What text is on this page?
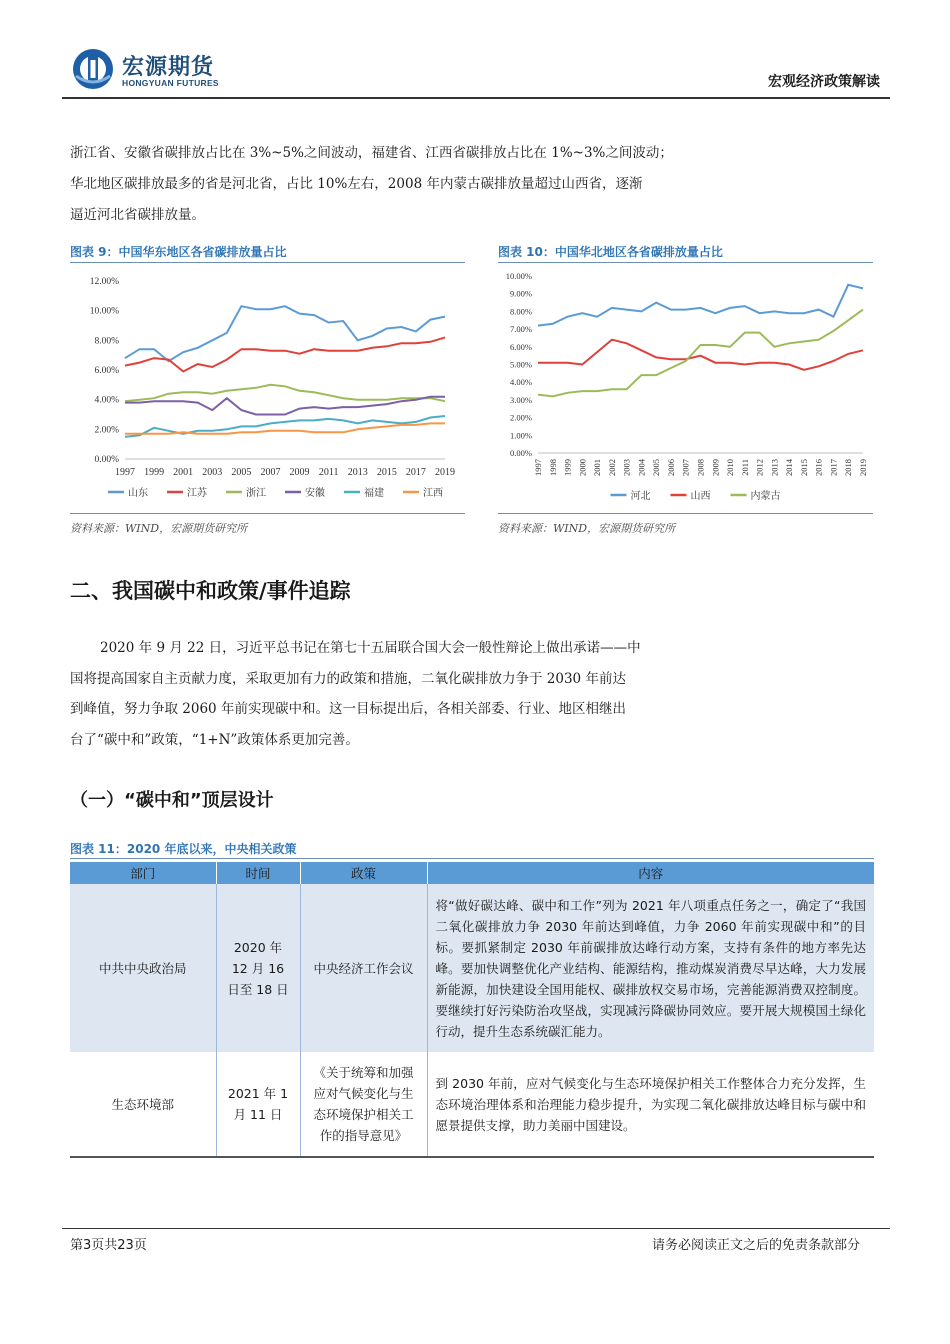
宏源期货
HONGYUAN FUTURES	宏观经济政策解读
浙江省、安徽省碳排放占比在 3%~5%之间波动，福建省、江西省碳排放占比在 1%~3%之间波动；
华北地区碳排放最多的省是河北省，占比 10%左右，2008 年内蒙古碳排放量超过山西省，逐渐
逼近河北省碳排放量。
图表 9：中国华东地区各省碳排放量占比
0.00%
2.00%
4.00%
6.00%
8.00%
10.00%
12.00%
1997 1999 2001 2003 2005 2007 2009 2011 2013 2015 2017 2019
山东	江苏	浙江	安徽	福建	江西
资料来源：WIND，宏源期货研究所
图表 10：中国华北地区各省碳排放量占比
0.00%
1.00%
2.00%
3.00%
4.00%
5.00%
6.00%
7.00%
8.00%
9.00%
10.00%
1997 1998 1999 2000 2001 2002 2003 2004 2005 2006 2007 2008 2009 2010 2011 2012 2013 2014 2015 2016 2017 2018 2019
河北	山西	内蒙古
资料来源：WIND，宏源期货研究所
二、我国碳中和政策/事件追踪

2020 年 9 月 22 日，习近平总书记在第七十五届联合国大会一般性辩论上做出承诺——中

国将提高国家自主贡献力度，采取更加有力的政策和措施，二氧化碳排放力争于 2030 年前达
到峰值，努力争取 2060 年前实现碳中和。这一目标提出后，各相关部委、行业、地区相继出
台了“碳中和”政策，“1+N”政策体系更加完善。
（一）“碳中和”顶层设计
图表 11：2020 年底以来，中央相关政策
部门	时间	政策	内容
中共中央政治局	2020 年 12 月 16 日至 18 日	中央经济工作会议	将“做好碳达峰、碳中和工作”列为 2021 年八项重点任务之一，确定了“我国二氧化碳排放力争 2030 年前达到峰值，力争 2060 年前实现碳中和”的目标。要抓紧制定 2030 年前碳排放达峰行动方案，支持有条件的地方率先达峰。要加快调整优化产业结构、能源结构，推动煤炭消费尽早达峰，大力发展新能源，加快建设全国用能权、碳排放权交易市场，完善能源消费双控制度。要继续打好污染防治攻坚战，实现减污降碳协同效应。要开展大规模国土绿化行动，提升生态系统碳汇能力。
生态环境部	2021 年 1 月 11 日	《关于统筹和加强应对气候变化与生态环境保护相关工作的指导意见》	到 2030 年前，应对气候变化与生态环境保护相关工作整体合力充分发挥，生态环境治理体系和治理能力稳步提升，为实现二氧化碳排放达峰目标与碳中和愿景提供支撑，助力美丽中国建设。
第3页共23页	请务必阅读正文之后的免责条款部分
